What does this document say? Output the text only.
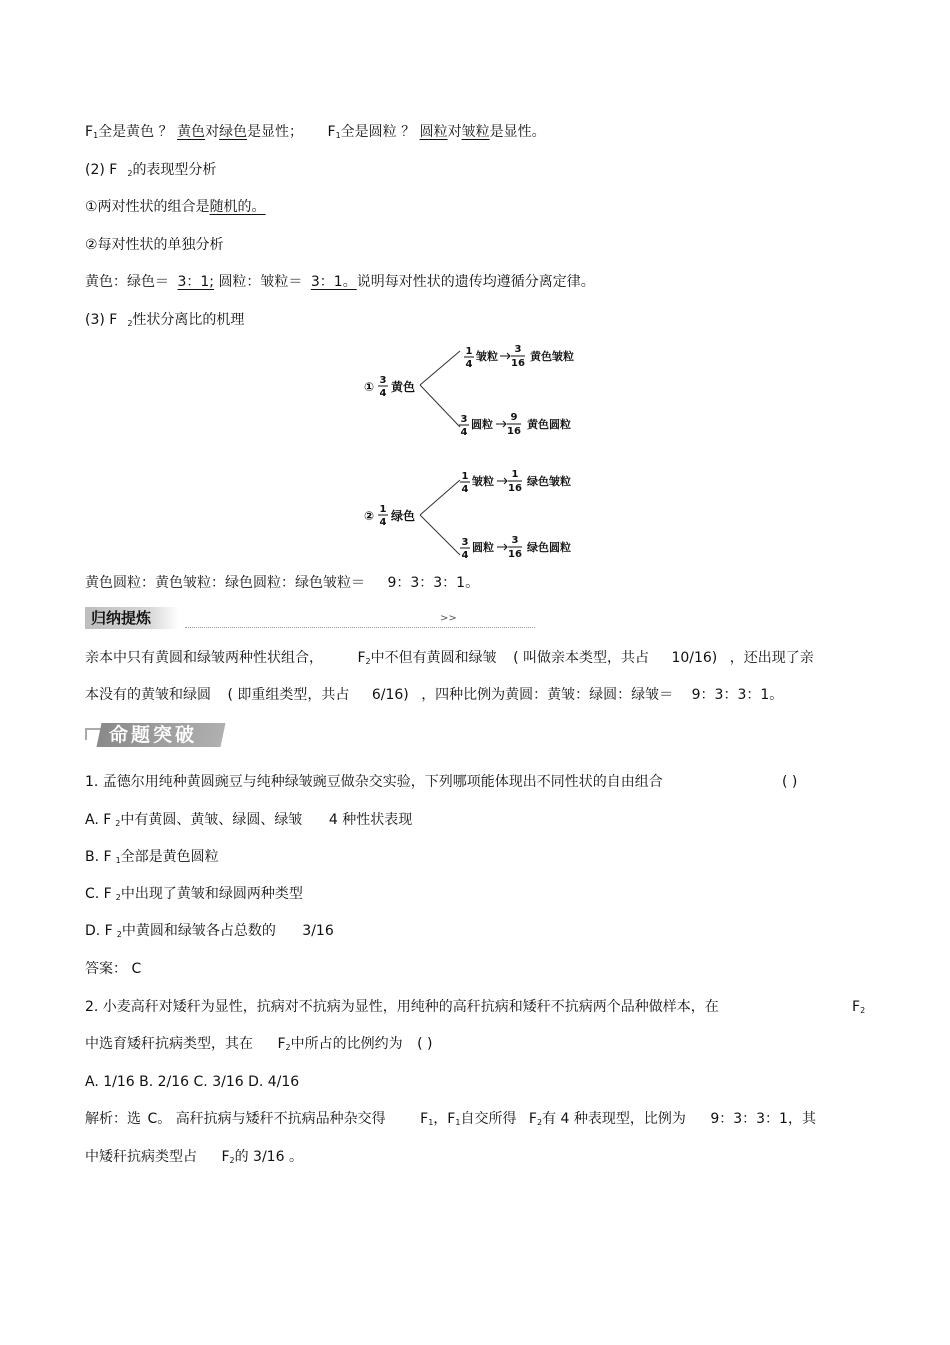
$F_1$全是黄色 ？ 黄色对绿色是显性； $F_1$全是圆粒 ？ 圆粒对皱粒是显性。
(2) F $_2$的表现型分析
①两对性状的组合是随机的。
②每对性状的单独分析
黄色：绿色＝ 3：1; 圆粒：皱粒＝ 3：1。说明每对性状的遗传均遵循分离定律。
(3) F $_2$性状分离比的机理
① 3
4 黄色
1
4
皱粒
3
16
黄色皱粒
3
4
圆粒
9
16
黄色圆粒
② 1
4 绿色
1
4
皱粒
1
16
绿色皱粒
3
4
圆粒
3
16
绿色圆粒
黄色圆粒：黄色皱粒：绿色圆粒：绿色皱粒＝ 9：3：3：1。
归纳提炼	>>
亲本中只有黄圆和绿皱两种性状组合， $F_2$中不但有黄圆和绿皱 ( 叫做亲本类型，共占 10/16) ，还出现了亲
本没有的黄皱和绿圆 ( 即重组类型，共占 6/16) ，四种比例为黄圆：黄皱：绿圆：绿皱＝ 9：3：3：1。
命题突破
1. 孟德尔用纯种黄圆豌豆与纯种绿皱豌豆做杂交实验，下列哪项能体现出不同性状的自由组合	( )
A. F $_2$中有黄圆、黄皱、绿圆、绿皱 4 种性状表现
B. F $_1$全部是黄色圆粒
C. F $_2$中出现了黄皱和绿圆两种类型
D. F $_2$中黄圆和绿皱各占总数的 3/16
答案： C
2. 小麦高秆对矮秆为显性，抗病对不抗病为显性，用纯种的高秆抗病和矮秆不抗病两个品种做样本，在	$F_2$
中选育矮秆抗病类型，其在 $F_2$中所占的比例约为 ( )
A. 1/16 B. 2/16 C. 3/16 D. 4/16
解析：选 C。 高秆抗病与矮秆不抗病品种杂交得 $F_1$，$F_1$自交所得 $F_2$有 4 种表现型，比例为 9：3：3：1，其
中矮秆抗病类型占 $F_2$的 3/16 。
